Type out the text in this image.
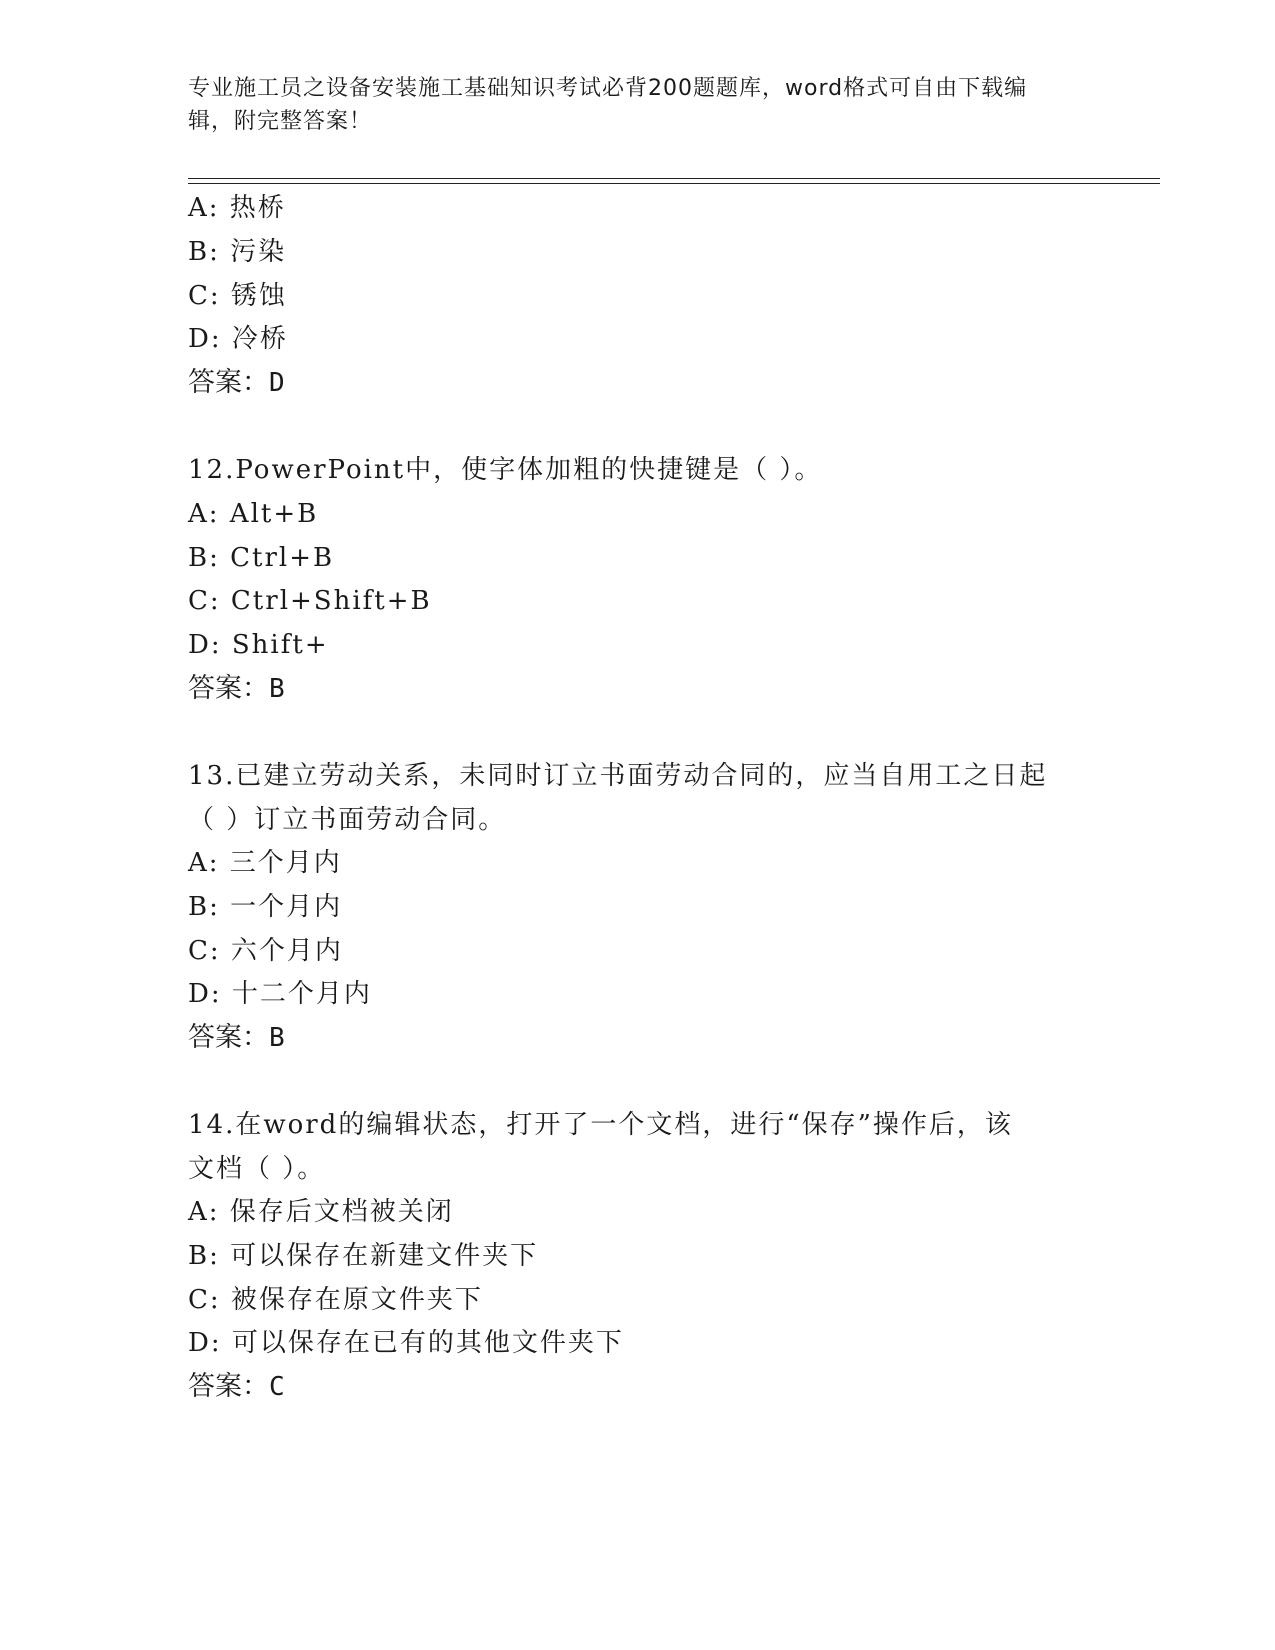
专业施工员之设备安装施工基础知识考试必背200题题库，word格式可自由下载编辑，附完整答案！
A: 热桥
B: 污染
C: 锈蚀
D: 冷桥
答案：D
12.PowerPoint中，使字体加粗的快捷键是（ ）。
A: Alt+B
B: Ctrl+B
C: Ctrl+Shift+B
D: Shift+
答案：B
13.已建立劳动关系，未同时订立书面劳动合同的，应当自用工之日起
（ ）订立书面劳动合同。
A: 三个月内
B: 一个月内
C: 六个月内
D: 十二个月内
答案：B
14.在word的编辑状态，打开了一个文档，进行“保存”操作后，该
文档（ ）。
A: 保存后文档被关闭
B: 可以保存在新建文件夹下
C: 被保存在原文件夹下
D: 可以保存在已有的其他文件夹下
答案：C
